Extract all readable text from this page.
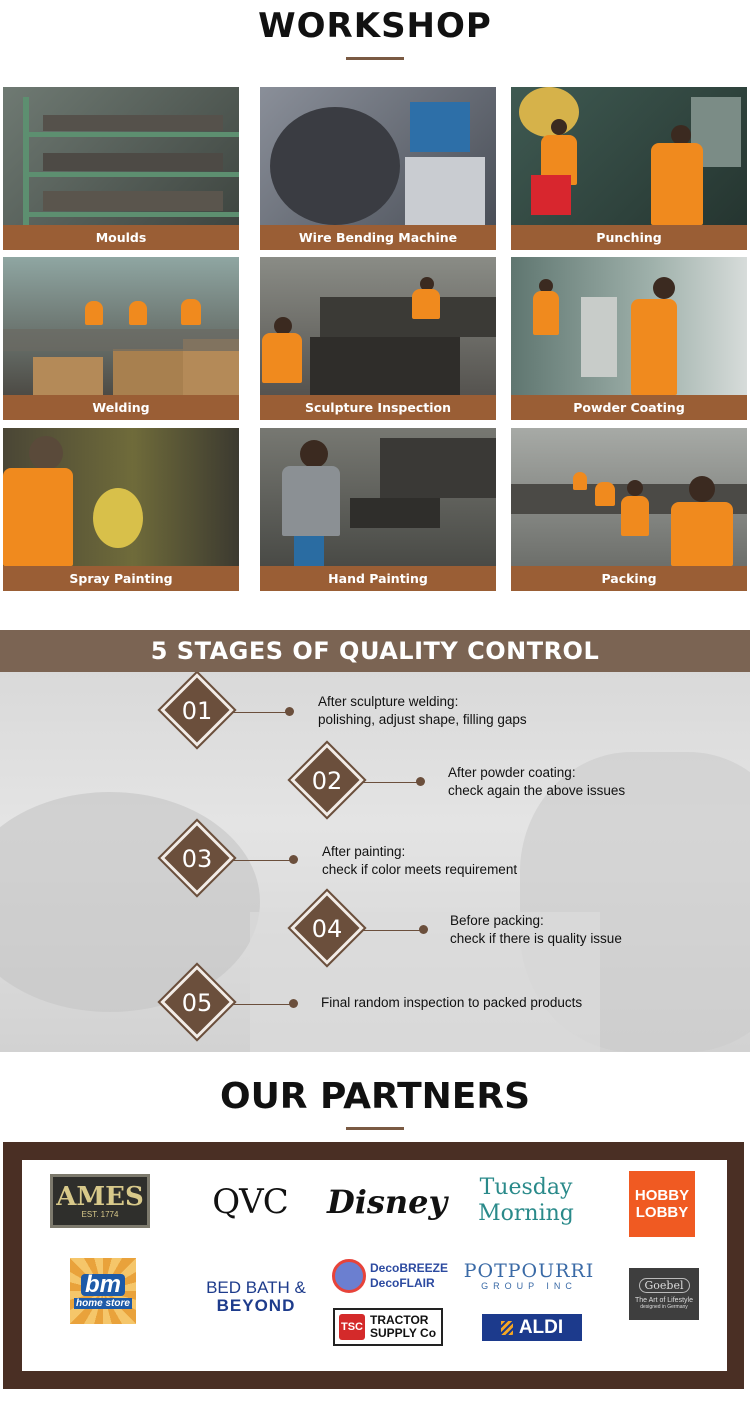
WORKSHOP
Moulds	Wire Bending Machine	Punching
Welding	Sculpture Inspection	Powder Coating
Spray Painting	Hand Painting	Packing
5 STAGES OF QUALITY CONTROL
01	After sculpture welding:
polishing, adjust shape, filling gaps
02	After powder coating:
check again the above issues
03	After painting:
check if color meets requirement
04	Before packing:
check if there is quality issue
05	Final random inspection to packed products
OUR PARTNERS
AMES
EST. 1774	QVC	Disney Tuesday
Morning
HOBBY
LOBBY
bm
home store
BED BATH &
BEYOND
DecoBREEZE
DecoFLAIR
POTPOURRI
GROUP INC	Goebel
The Art of Lifestyle
designed in Germany
TSC TRACTOR
SUPPLY Co	ALDI
